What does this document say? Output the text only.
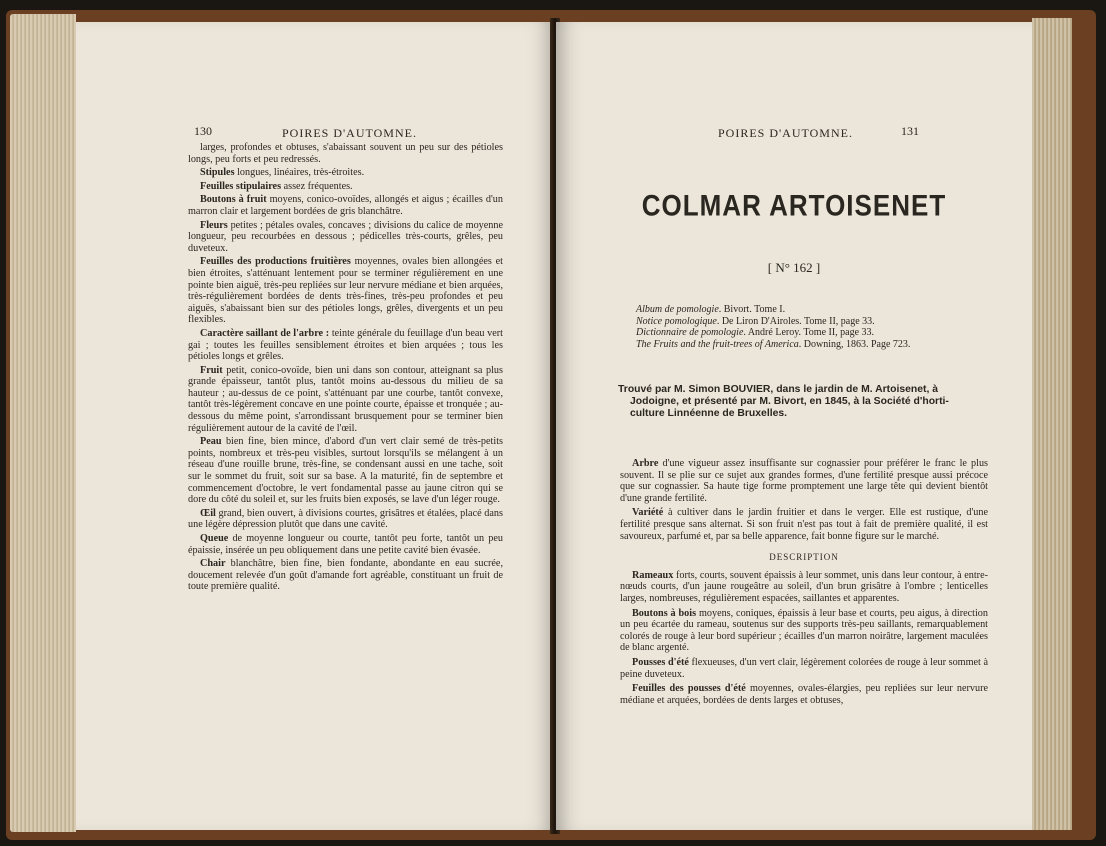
130	POIRES D'AUTOMNE.

larges, profondes et obtuses, s'abaissant souvent un peu sur des pétioles longs, peu forts et peu redressés.

Stipules longues, linéaires, très-étroites.

Feuilles stipulaires assez fréquentes.

Boutons à fruit moyens, conico-ovoïdes, allongés et aigus ; écailles d'un marron clair et largement bordées de gris blanchâtre.

Fleurs petites ; pétales ovales, concaves ; divisions du calice de moyenne longueur, peu recourbées en dessous ; pédicelles très-courts, grêles, peu duveteux.

Feuilles des productions fruitières moyennes, ovales bien allongées et bien étroites, s'atténuant lentement pour se terminer régulièrement en une pointe bien aiguë, très-peu repliées sur leur nervure médiane et bien arquées, très-régulièrement bordées de dents très-fines, très-peu profondes et peu aiguës, s'abaissant bien sur des pétioles longs, grêles, divergents et un peu flexibles.

Caractère saillant de l'arbre : teinte générale du feuillage d'un beau vert gai ; toutes les feuilles sensiblement étroites et bien arquées ; tous les pétioles longs et grêles.

Fruit petit, conico-ovoïde, bien uni dans son contour, atteignant sa plus grande épaisseur, tantôt plus, tantôt moins au-dessous du milieu de sa hauteur ; au-dessus de ce point, s'atténuant par une courbe, tantôt convexe, tantôt très-légèrement concave en une pointe courte, épaisse et tronquée ; au-dessous du même point, s'arrondissant brusquement pour se terminer bien régulièrement autour de la cavité de l'œil.

Peau bien fine, bien mince, d'abord d'un vert clair semé de très-petits points, nombreux et très-peu visibles, surtout lorsqu'ils se mélangent à un réseau d'une rouille brune, très-fine, se condensant aussi en une tache, soit sur le sommet du fruit, soit sur sa base. A la maturité, fin de septembre et commencement d'octobre, le vert fondamental passe au jaune citron qui se dore du côté du soleil et, sur les fruits bien exposés, se lave d'un léger rouge.

Œil grand, bien ouvert, à divisions courtes, grisâtres et étalées, placé dans une légère dépression plutôt que dans une cavité.

Queue de moyenne longueur ou courte, tantôt peu forte, tantôt un peu épaissie, insérée un peu obliquement dans une petite cavité bien évasée.

Chair blanchâtre, bien fine, bien fondante, abondante en eau sucrée, doucement relevée d'un goût d'amande fort agréable, constituant un fruit de toute première qualité.

POIRES D'AUTOMNE.	131
COLMAR ARTOISENET
[ N° 162 ]
Album de pomologie. Bivort. Tome I.
Notice pomologique. De Liron D'Airoles. Tome II, page 33.
Dictionnaire de pomologie. André Leroy. Tome II, page 33.
The Fruits and the fruit-trees of America. Downing, 1863. Page 723.
Trouvé par M. Simon BOUVIER, dans le jardin de M. Artoisenet, à
Jodoigne, et présenté par M. Bivort, en 1845, à la Société d'horti-
culture Linnéenne de Bruxelles.

Arbre d'une vigueur assez insuffisante sur cognassier pour préférer le franc le plus souvent. Il se plie sur ce sujet aux grandes formes, d'une fertilité presque aussi précoce que sur cognassier. Sa haute tige forme promptement une large tête qui devient bientôt d'une grande fertilité.

Variété à cultiver dans le jardin fruitier et dans le verger. Elle est rustique, d'une fertilité presque sans alternat. Si son fruit n'est pas tout à fait de première qualité, il est savoureux, parfumé et, par sa belle apparence, fait bonne figure sur le marché.

DESCRIPTION

Rameaux forts, courts, souvent épaissis à leur sommet, unis dans leur contour, à entre-nœuds courts, d'un jaune rougeâtre au soleil, d'un brun grisâtre à l'ombre ; lenticelles larges, nombreuses, régulièrement espacées, saillantes et apparentes.

Boutons à bois moyens, coniques, épaissis à leur base et courts, peu aigus, à direction un peu écartée du rameau, soutenus sur des supports très-peu saillants, remarquablement colorés de rouge à leur bord supérieur ; écailles d'un marron noirâtre, largement maculées de blanc argenté.

Pousses d'été flexueuses, d'un vert clair, légèrement colorées de rouge à leur sommet à peine duveteux.

Feuilles des pousses d'été moyennes, ovales-élargies, peu repliées sur leur nervure médiane et arquées, bordées de dents larges et obtuses,
